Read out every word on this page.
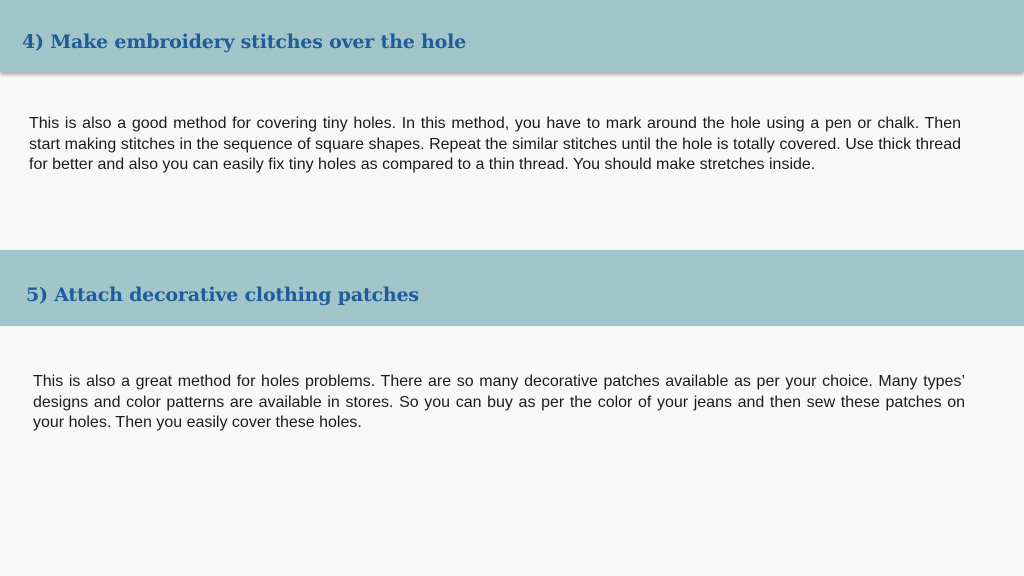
4) Make embroidery stitches over the hole

This is also a good method for covering tiny holes. In this method, you have to mark around the hole using a pen or chalk. Then start making stitches in the sequence of square shapes. Repeat the similar stitches until the hole is totally covered. Use thick thread for better and also you can easily fix tiny holes as compared to a thin thread. You should make stretches inside.

5) Attach decorative clothing patches

This is also a great method for holes problems. There are so many decorative patches available as per your choice. Many types’ designs and color patterns are available in stores. So you can buy as per the color of your jeans and then sew these patches on your holes. Then you easily cover these holes.
